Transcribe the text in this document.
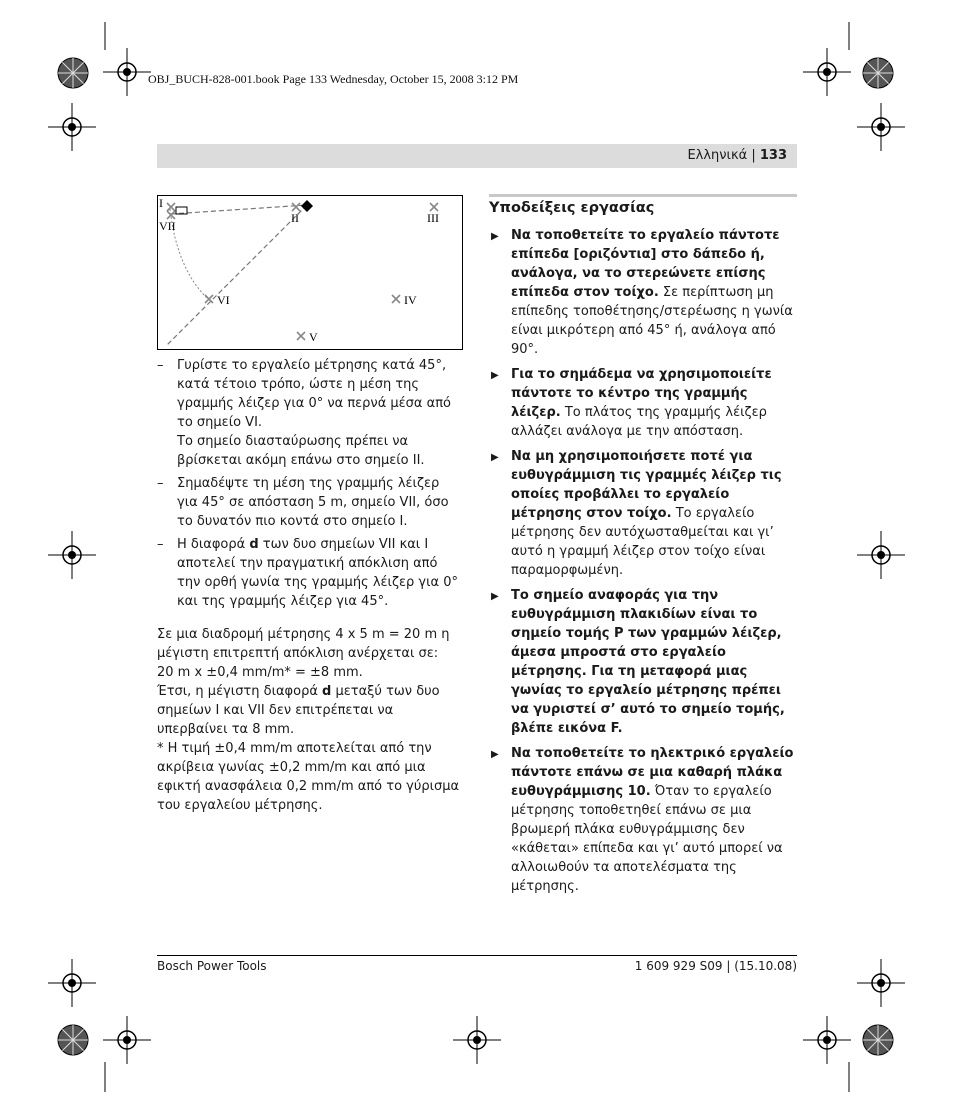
OBJ_BUCH-828-001.book Page 133 Wednesday, October 15, 2008 3:12 PM
Ελληνικά | 133
I
VII
II	III
VI	IV
V
– Γυρίστε το εργαλείο μέτρησης κατά 45°, κατά τέτοιο τρόπο, ώστε η μέση της γραμμής λέιζερ για 0° να περνά μέσα από το σημείο VI.

Το σημείο διασταύρωσης πρέπει να βρίσκεται ακόμη επάνω στο σημείο II.

– Σημαδέψτε τη μέση της γραμμής λέιζερ για 45° σε απόσταση 5 m, σημείο VII, όσο το δυνατόν πιο κοντά στο σημείο I.

– Η διαφορά d των δυο σημείων VII και I αποτελεί την πραγματική απόκλιση από την ορθή γωνία της γραμμής λέιζερ για 0° και της γραμμής λέιζερ για 45°.

Σε μια διαδρομή μέτρησης 4 x 5 m = 20 m η μέγιστη επιτρεπτή απόκλιση ανέρχεται σε:

20 m x ±0,4 mm/m* = ±8 mm.

Έτσι, η μέγιστη διαφορά d μεταξύ των δυο σημείων I και VII δεν επιτρέπεται να υπερβαίνει τα 8 mm.

* Η τιμή ±0,4 mm/m αποτελείται από την ακρίβεια γωνίας ±0,2 mm/m και από μια εφικτή ανασφάλεια 0,2 mm/m από το γύρισμα του εργαλείου μέτρησης.

Υποδείξεις εργασίας
▶ Να τοποθετείτε το εργαλείο πάντοτε επίπεδα [οριζόντια] στο δάπεδο ή, ανάλογα, να το στερεώνετε επίσης επίπεδα στον τοίχο. Σε περίπτωση μη επίπεδης τοποθέτησης/στερέωσης η γωνία είναι μικρότερη από 45° ή, ανάλογα από 90°.
▶ Για το σημάδεμα να χρησιμοποιείτε πάντοτε το κέντρο της γραμμής λέιζερ. Το πλάτος της γραμμής λέιζερ αλλάζει ανάλογα με την απόσταση.
▶ Να μη χρησιμοποιήσετε ποτέ για ευθυγράμμιση τις γραμμές λέιζερ τις οποίες προβάλλει το εργαλείο μέτρησης στον τοίχο. Το εργαλείο μέτρησης δεν αυτόχωσταθμείται και γι’ αυτό η γραμμή λέιζερ στον τοίχο είναι παραμορφωμένη.
▶ Το σημείο αναφοράς για την ευθυγράμμιση πλακιδίων είναι το σημείο τομής P των γραμμών λέιζερ, άμεσα μπροστά στο εργαλείο μέτρησης. Για τη μεταφορά μιας γωνίας το εργαλείο μέτρησης πρέπει να γυριστεί σ’ αυτό το σημείο τομής, βλέπε εικόνα F.
▶ Να τοποθετείτε το ηλεκτρικό εργαλείο πάντοτε επάνω σε μια καθαρή πλάκα ευθυγράμμισης 10. Όταν το εργαλείο μέτρησης τοποθετηθεί επάνω σε μια βρωμερή πλάκα ευθυγράμμισης δεν «κάθεται» επίπεδα και γι’ αυτό μπορεί να αλλοιωθούν τα αποτελέσματα της μέτρησης.
Bosch Power Tools	1 609 929 S09 | (15.10.08)
